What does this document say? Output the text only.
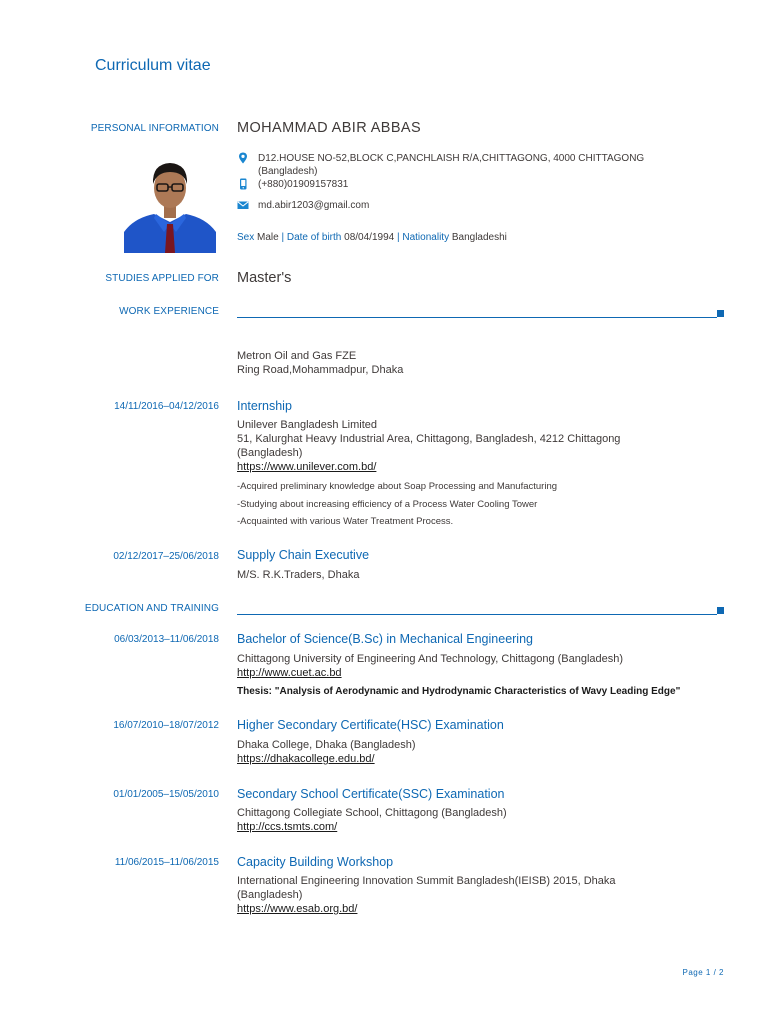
Curriculum vitae
PERSONAL INFORMATION MOHAMMAD ABIR ABBAS
D12.HOUSE NO-52,BLOCK C,PANCHLAISH R/A,CHITTAGONG, 4000 CHITTAGONG
(Bangladesh)
(+880)01909157831
md.abir1203@gmail.com
Sex Male | Date of birth 08/04/1994 | Nationality Bangladeshi
STUDIES APPLIED FOR Master's
WORK EXPERIENCE
Metron Oil and Gas FZE
Ring Road,Mohammadpur, Dhaka
14/11/2016–04/12/2016 Internship
Unilever Bangladesh Limited
51, Kalurghat Heavy Industrial Area, Chittagong, Bangladesh, 4212 Chittagong
(Bangladesh)
https://www.unilever.com.bd/
-Acquired preliminary knowledge about Soap Processing and Manufacturing
-Studying about increasing efficiency of a Process Water Cooling Tower
-Acquainted with various Water Treatment Process.
02/12/2017–25/06/2018 Supply Chain Executive
M/S. R.K.Traders, Dhaka
EDUCATION AND TRAINING
06/03/2013–11/06/2018 Bachelor of Science(B.Sc) in Mechanical Engineering
Chittagong University of Engineering And Technology, Chittagong (Bangladesh)
http://www.cuet.ac.bd
Thesis: "Analysis of Aerodynamic and Hydrodynamic Characteristics of Wavy Leading Edge"
16/07/2010–18/07/2012 Higher Secondary Certificate(HSC) Examination
Dhaka College, Dhaka (Bangladesh)
https://dhakacollege.edu.bd/
01/01/2005–15/05/2010 Secondary School Certificate(SSC) Examination
Chittagong Collegiate School, Chittagong (Bangladesh)
http://ccs.tsmts.com/
11/06/2015–11/06/2015 Capacity Building Workshop
International Engineering Innovation Summit Bangladesh(IEISB) 2015, Dhaka
(Bangladesh)
https://www.esab.org.bd/
Page 1 / 2
